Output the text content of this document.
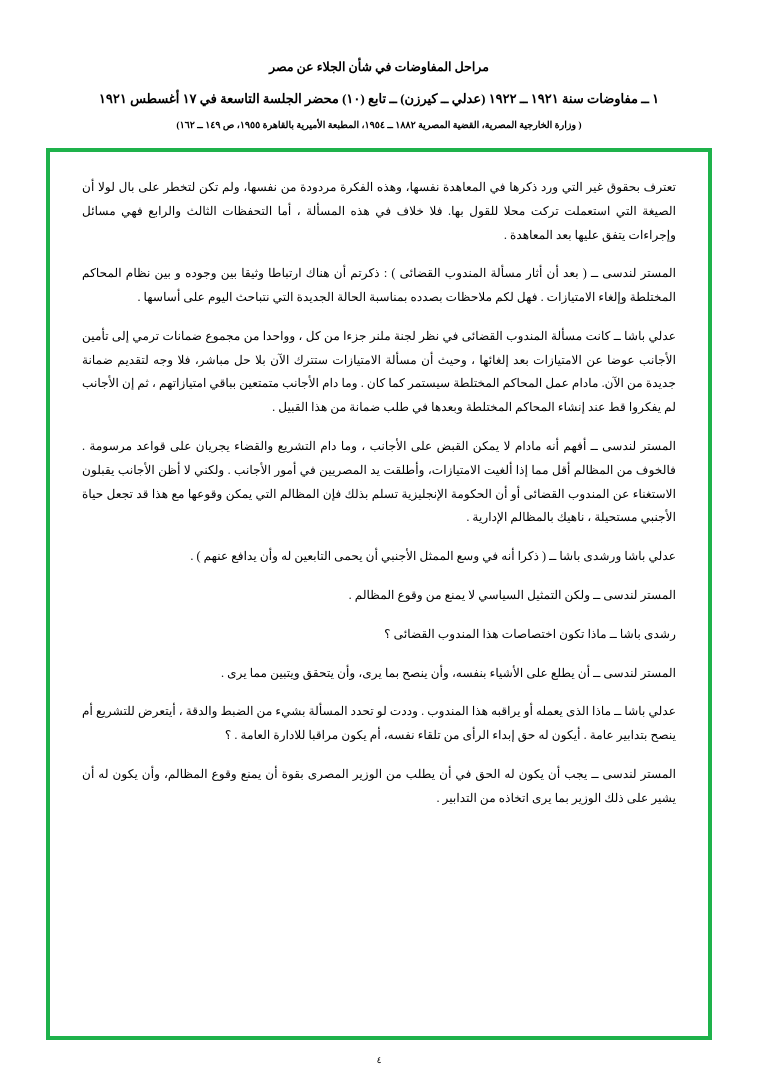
مراحل المفاوضات في شأن الجلاء عن مصر
١ ــ مفاوضات سنة ١٩٢١ ــ ١٩٢٢ (عدلي ــ كيرزن) ــ تابع (١٠) محضر الجلسة التاسعة في ١٧ أغسطس ١٩٢١
( وزارة الخارجية المصرية، القضية المصرية ١٨٨٢ ــ ١٩٥٤، المطبعة الأميرية بالقاهرة ١٩٥٥، ص ١٤٩ ــ ١٦٢)

تعترف بحقوق غير التي ورد ذكرها في المعاهدة نفسها، وهذه الفكرة مردودة من نفسها، ولم تكن لتخطر على بال لولا أن الصيغة التي استعملت تركت محلا للقول بها. فلا خلاف في هذه المسألة ، أما التحفظات الثالث والرابع فهي مسائل وإجراءات يتفق عليها بعد المعاهدة .

المستر لندسى ــ ( بعد أن أثار مسألة المندوب القضائى ) : ذكرتم أن هناك ارتباطا وثيقا بين وجوده و بين نظام المحاكم المختلطة وإلغاء الامتيازات . فهل لكم ملاحظات بصدده بمناسبة الحالة الجديدة التي نتباحث اليوم على أساسها .

عدلي باشا ــ كانت مسألة المندوب القضائى في نظر لجنة ملنر جزءا من كل ، وواحدا من مجموع ضمانات ترمي إلى تأمين الأجانب عوضا عن الامتيازات بعد إلغائها ، وحيث أن مسألة الامتيازات ستترك الآن بلا حل مباشر، فلا وجه لتقديم ضمانة جديدة من الآن. مادام عمل المحاكم المختلطة سيستمر كما كان . وما دام الأجانب متمتعين بباقي امتيازاتهم ، ثم إن الأجانب لم يفكروا قط عند إنشاء المحاكم المختلطة وبعدها في طلب ضمانة من هذا القبيل .

المستر لندسى ــ أفهم أنه مادام لا يمكن القبض على الأجانب ، وما دام التشريع والقضاء يجريان على قواعد مرسومة . فالخوف من المظالم أقل مما إذا ألغيت الامتيازات، وأطلقت يد المصريين في أمور الأجانب . ولكني لا أظن الأجانب يقبلون الاستغناء عن المندوب القضائى أو أن الحكومة الإنجليزية تسلم بذلك فإن المظالم التي يمكن وقوعها مع هذا قد تجعل حياة الأجنبي مستحيلة ، ناهيك بالمظالم الإدارية .

عدلي باشا ورشدى باشا ــ ( ذكرا أنه في وسع الممثل الأجنبي أن يحمى التابعين له وأن يدافع عنهم ) .

المستر لندسى ــ ولكن التمثيل السياسي لا يمنع من وقوع المظالم .

رشدى باشا ــ ماذا تكون اختصاصات هذا المندوب القضائى ؟

المستر لندسى ــ أن يطلع على الأشياء بنفسه، وأن ينصح بما يرى، وأن يتحقق ويتبين مما يرى .

عدلي باشا ــ ماذا الذى يعمله أو يراقبه هذا المندوب . وددت لو تحدد المسألة بشيء من الضبط والدقة ، أيتعرض للتشريع أم ينصح بتدابير عامة . أيكون له حق إبداء الرأى من تلقاء نفسه، أم يكون مراقبا للادارة العامة . ؟

المستر لندسى ــ يجب أن يكون له الحق في أن يطلب من الوزير المصرى بقوة أن يمنع وقوع المظالم، وأن يكون له أن يشير على ذلك الوزير بما يرى اتخاذه من التدابير .

٤
